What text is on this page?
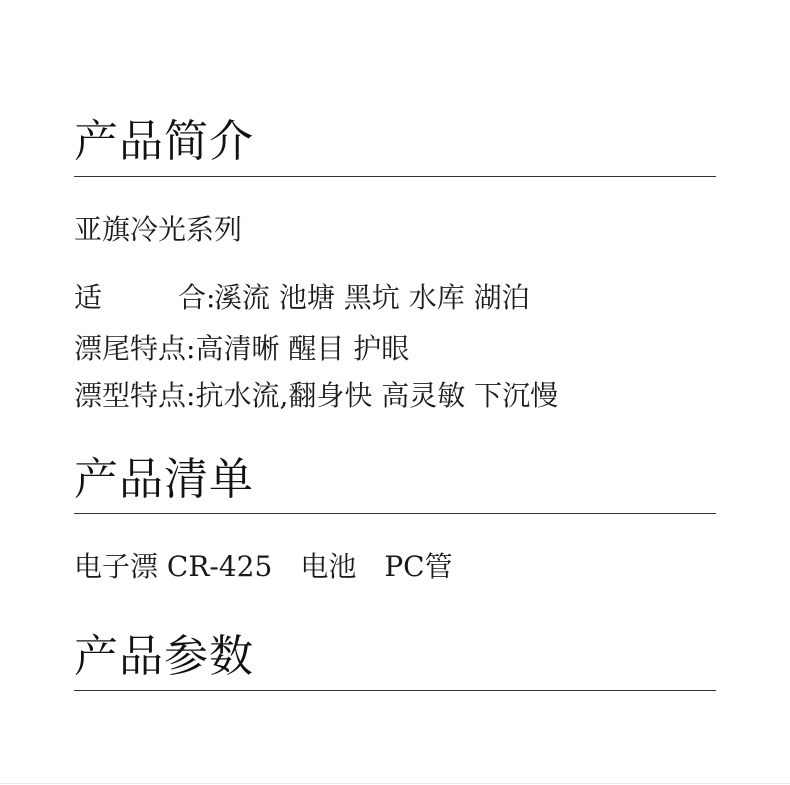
产品简介
亚旗冷光系列
适	合:溪流 池塘 黑坑 水库 湖泊
漂尾特点:高清晰 醒目 护眼
漂型特点:抗水流,翻身快 高灵敏 下沉慢
产品清单
电子漂 CR-425 电池 PC管
产品参数
